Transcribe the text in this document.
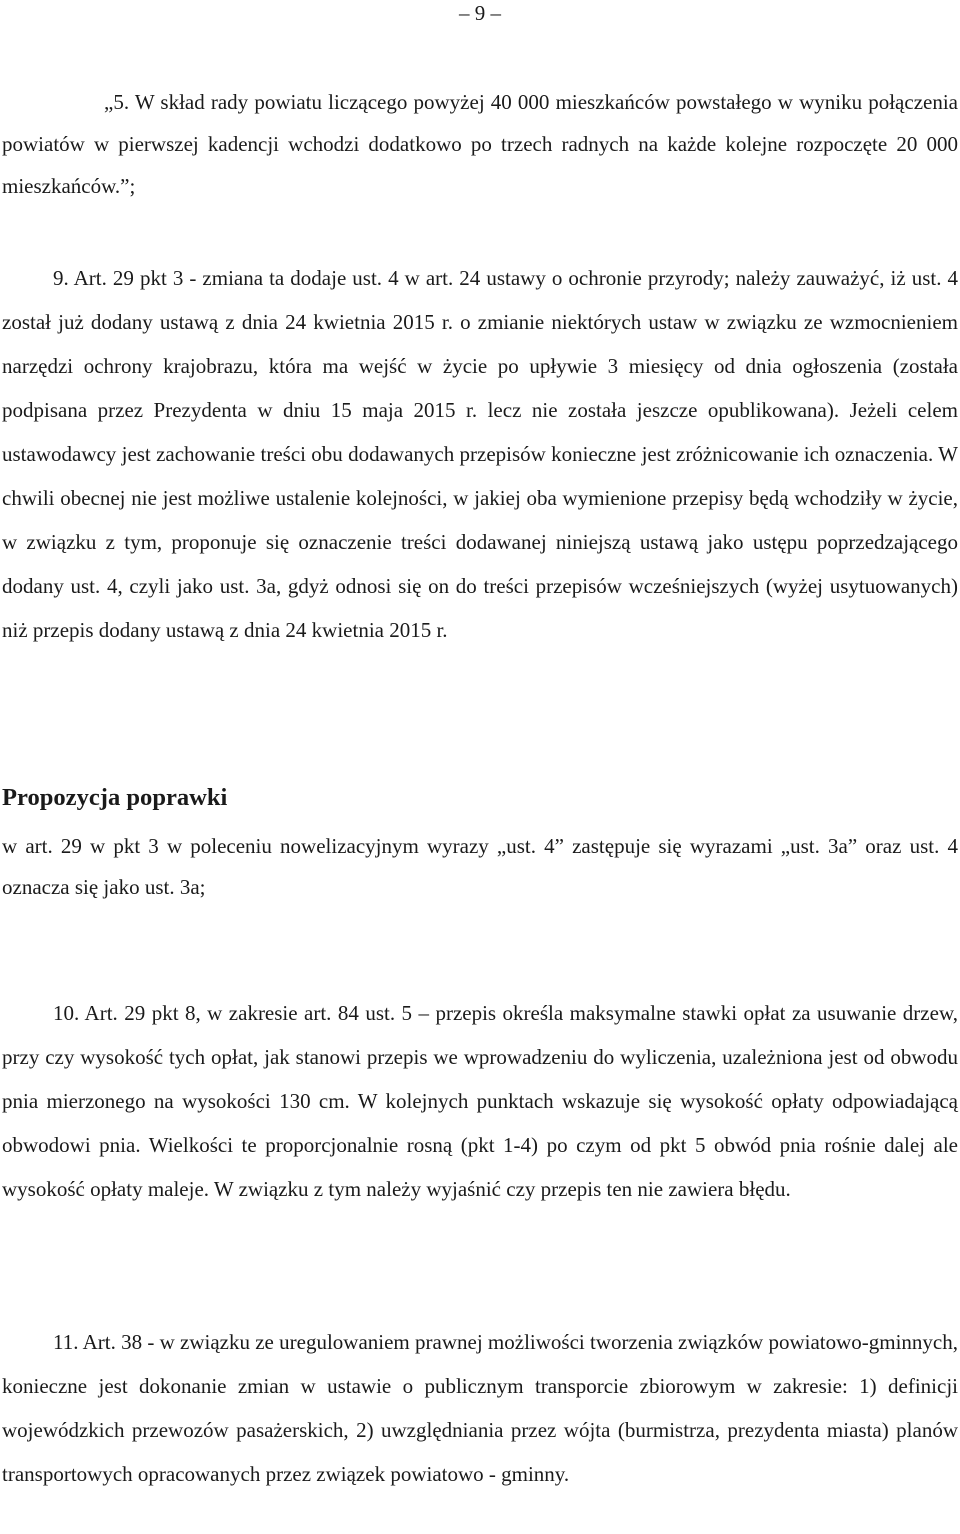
– 9 –

„5. W skład rady powiatu liczącego powyżej 40 000 mieszkańców powstałego w wyniku połączenia powiatów w pierwszej kadencji wchodzi dodatkowo po trzech radnych na każde kolejne rozpoczęte 20 000 mieszkańców.”;

9. Art. 29 pkt 3 - zmiana ta dodaje ust. 4 w art. 24 ustawy o ochronie przyrody; należy zauważyć, iż ust. 4 został już dodany ustawą z dnia 24 kwietnia 2015 r. o zmianie niektórych ustaw w związku ze wzmocnieniem narzędzi ochrony krajobrazu, która ma wejść w życie po upływie 3 miesięcy od dnia ogłoszenia (została podpisana przez Prezydenta w dniu 15 maja 2015 r. lecz nie została jeszcze opublikowana). Jeżeli celem ustawodawcy jest zachowanie treści obu dodawanych przepisów konieczne jest zróżnicowanie ich oznaczenia. W chwili obecnej nie jest możliwe ustalenie kolejności, w jakiej oba wymienione przepisy będą wchodziły w życie, w związku z tym, proponuje się oznaczenie treści dodawanej niniejszą ustawą jako ustępu poprzedzającego dodany ust. 4, czyli jako ust. 3a, gdyż odnosi się on do treści przepisów wcześniejszych (wyżej usytuowanych) niż przepis dodany ustawą z dnia 24 kwietnia 2015 r.

Propozycja poprawki

w art. 29 w pkt 3 w poleceniu nowelizacyjnym wyrazy „ust. 4” zastępuje się wyrazami „ust. 3a” oraz ust. 4 oznacza się jako ust. 3a;

10. Art. 29 pkt 8, w zakresie art. 84 ust. 5 – przepis określa maksymalne stawki opłat za usuwanie drzew, przy czy wysokość tych opłat, jak stanowi przepis we wprowadzeniu do wyliczenia, uzależniona jest od obwodu pnia mierzonego na wysokości 130 cm. W kolejnych punktach wskazuje się wysokość opłaty odpowiadającą obwodowi pnia. Wielkości te proporcjonalnie rosną (pkt 1-4) po czym od pkt 5 obwód pnia rośnie dalej ale wysokość opłaty maleje. W związku z tym należy wyjaśnić czy przepis ten nie zawiera błędu.

11. Art. 38 - w związku ze uregulowaniem prawnej możliwości tworzenia związków powiatowo-gminnych, konieczne jest dokonanie zmian w ustawie o publicznym transporcie zbiorowym w zakresie: 1) definicji wojewódzkich przewozów pasażerskich, 2) uwzględniania przez wójta (burmistrza, prezydenta miasta) planów transportowych opracowanych przez związek powiatowo - gminny.
